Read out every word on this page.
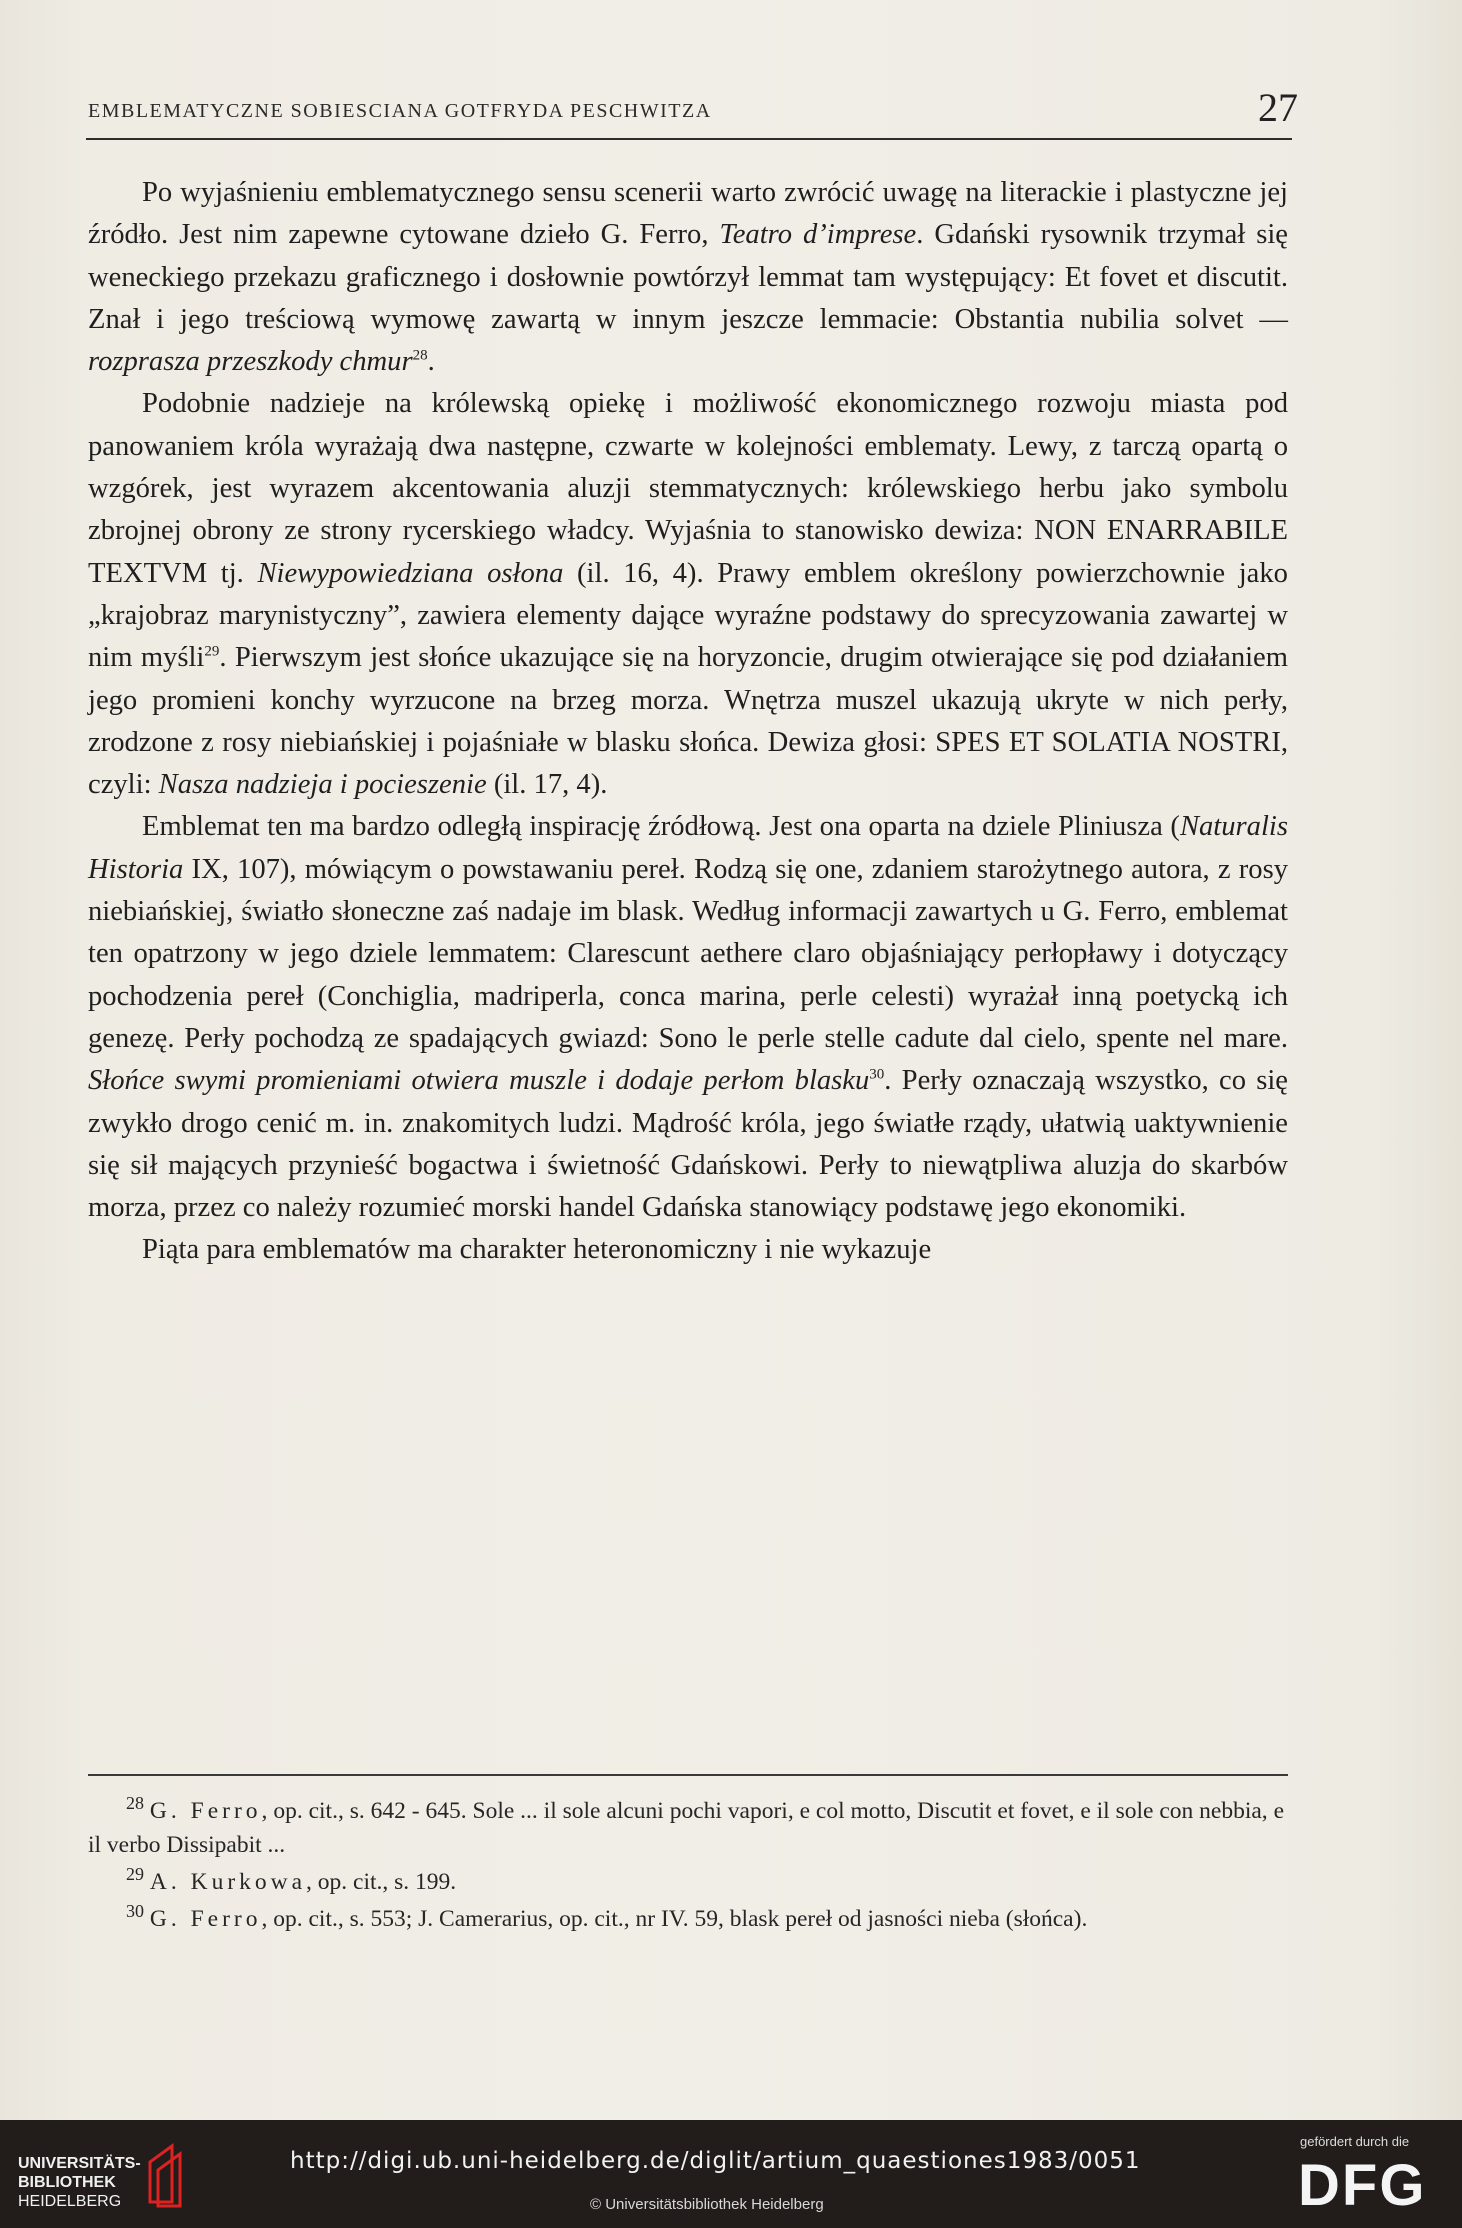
EMBLEMATYCZNE SOBIESCIANA GOTFRYDA PESCHWITZA	27

Po wyjaśnieniu emblematycznego sensu scenerii warto zwrócić uwagę na literackie i plastyczne jej źródło. Jest nim zapewne cytowane dzieło G. Ferro, Teatro d’imprese. Gdański rysownik trzymał się weneckiego przekazu graficznego i dosłownie powtórzył lemmat tam występujący: Et fovet et discutit. Znał i jego treściową wymowę zawartą w innym jeszcze lemmacie: Obstantia nubilia solvet — rozprasza przeszkody chmur$^{28}$.

Podobnie nadzieje na królewską opiekę i możliwość ekonomicznego rozwoju miasta pod panowaniem króla wyrażają dwa następne, czwarte w kolejności emblematy. Lewy, z tarczą opartą o wzgórek, jest wyrazem akcentowania aluzji stemmatycznych: królewskiego herbu jako symbolu zbrojnej obrony ze strony rycerskiego władcy. Wyjaśnia to stanowisko dewiza: NON ENARRABILE TEXTVM tj. Niewypowiedziana osłona (il. 16, 4). Prawy emblem określony powierzchownie jako „krajobraz marynistyczny”, zawiera elementy dające wyraźne podstawy do sprecyzowania zawartej w nim myśli$^{29}$. Pierwszym jest słońce ukazujące się na horyzoncie, drugim otwierające się pod działaniem jego promieni konchy wyrzucone na brzeg morza. Wnętrza muszel ukazują ukryte w nich perły, zrodzone z rosy niebiańskiej i pojaśniałe w blasku słońca. Dewiza głosi: SPES ET SOLATIA NOSTRI, czyli: Nasza nadzieja i pocieszenie (il. 17, 4).

Emblemat ten ma bardzo odległą inspirację źródłową. Jest ona oparta na dziele Pliniusza (Naturalis Historia IX, 107), mówiącym o powstawaniu pereł. Rodzą się one, zdaniem starożytnego autora, z rosy niebiańskiej, światło słoneczne zaś nadaje im blask. Według informacji zawartych u G. Ferro, emblemat ten opatrzony w jego dziele lemmatem: Clarescunt aethere claro objaśniający perłopławy i dotyczący pochodzenia pereł (Conchiglia, madriperla, conca marina, perle celesti) wyrażał inną poetycką ich genezę. Perły pochodzą ze spadających gwiazd: Sono le perle stelle cadute dal cielo, spente nel mare. Słońce swymi promieniami otwiera muszle i dodaje perłom blasku$^{30}$. Perły oznaczają wszystko, co się zwykło drogo cenić m. in. znakomitych ludzi. Mądrość króla, jego światłe rządy, ułatwią uaktywnienie się sił mających przynieść bogactwa i świetność Gdańskowi. Perły to niewątpliwa aluzja do skarbów morza, przez co należy rozumieć morski handel Gdańska stanowiący podstawę jego ekonomiki.

Piąta para emblematów ma charakter heteronomiczny i nie wykazuje

$^{28}$ G. Ferro, op. cit., s. 642 - 645. Sole ... il sole alcuni pochi vapori, e col motto, Discutit et fovet, e il sole con nebbia, e il verbo Dissipabit ...

$^{29}$ A. Kurkowa, op. cit., s. 199.

$^{30}$ G. Ferro, op. cit., s. 553; J. Camerarius, op. cit., nr IV. 59, blask pereł od jasności nieba (słońca).

UNIVERSITÄTS-
BIBLIOTHEK
HEIDELBERG
http://digi.ub.uni-heidelberg.de/diglit/artium_quaestiones1983/0051
© Universitätsbibliothek Heidelberg
gefördert durch die
DFG
